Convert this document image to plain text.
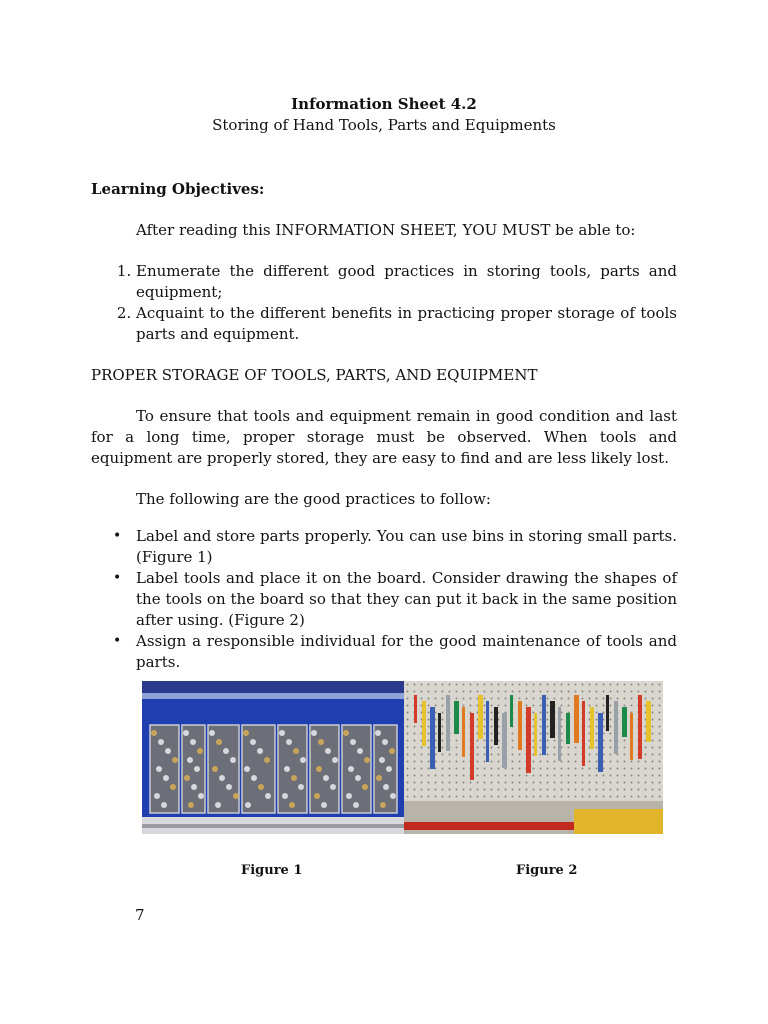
Information Sheet 4.2

Storing of Hand Tools, Parts and Equipments

Learning Objectives:

After reading this INFORMATION SHEET, YOU MUST be able to:

1. Enumerate the different good practices in storing tools, parts and equipment;
2. Acquaint to the different benefits in practicing proper storage of tools parts and equipment.

PROPER STORAGE OF TOOLS, PARTS, AND EQUIPMENT

To ensure that tools and equipment remain in good condition and last for a long time, proper storage must be observed. When tools and equipment are properly stored, they are easy to find and are less likely lost.

The following are the good practices to follow:

• Label and store parts properly. You can use bins in storing small parts. (Figure 1)
• Label tools and place it on the board. Consider drawing the shapes of the tools on the board so that they can put it back in the same position after using. (Figure 2)
• Assign a responsible individual for the good maintenance of tools and parts.
Figure 1	Figure 2
7
